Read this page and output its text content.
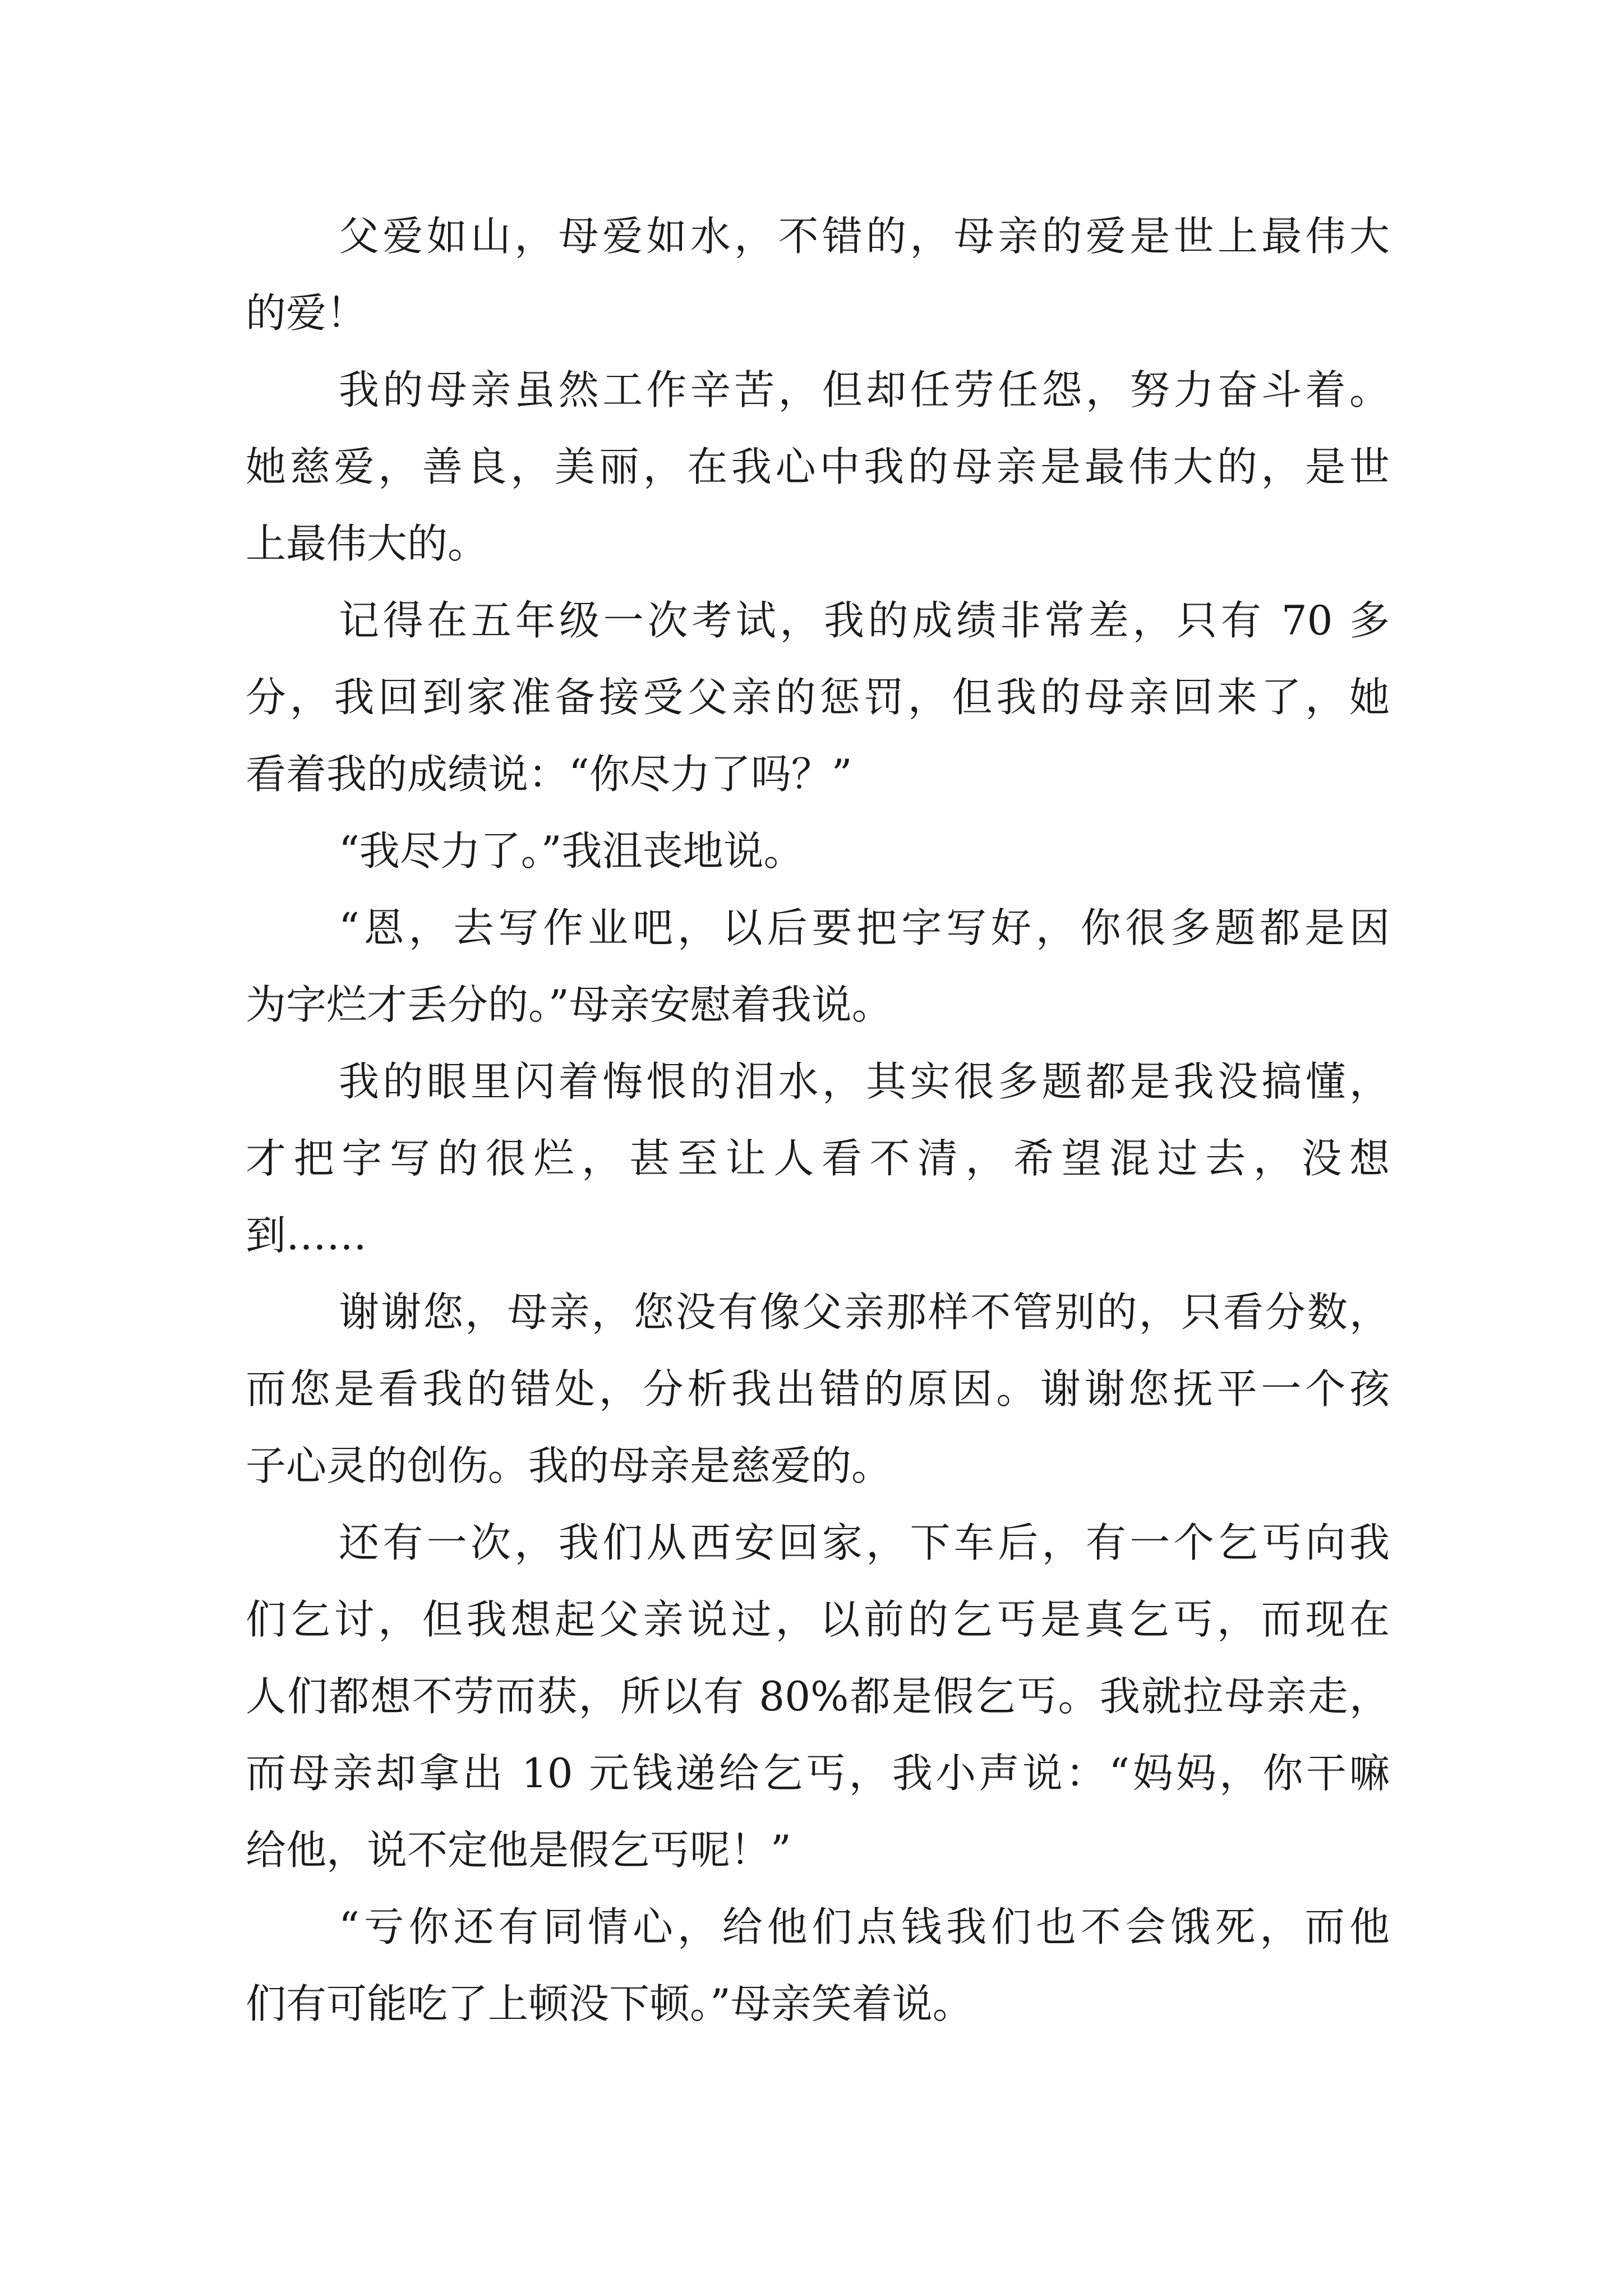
父爱如山，母爱如水，不错的，母亲的爱是世上最伟大
的爱！
我的母亲虽然工作辛苦，但却任劳任怨，努力奋斗着。
她慈爱，善良，美丽，在我心中我的母亲是最伟大的，是世
上最伟大的。
记得在五年级一次考试，我的成绩非常差，只有 70 多
分，我回到家准备接受父亲的惩罚，但我的母亲回来了，她
看着我的成绩说：“你尽力了吗？”
“我尽力了。”我沮丧地说。
“恩，去写作业吧，以后要把字写好，你很多题都是因
为字烂才丢分的。”母亲安慰着我说。
我的眼里闪着悔恨的泪水，其实很多题都是我没搞懂，
才把字写的很烂，甚至让人看不清，希望混过去，没想
到……
谢谢您，母亲，您没有像父亲那样不管别的，只看分数，
而您是看我的错处，分析我出错的原因。谢谢您抚平一个孩
子心灵的创伤。我的母亲是慈爱的。
还有一次，我们从西安回家，下车后，有一个乞丐向我
们乞讨，但我想起父亲说过，以前的乞丐是真乞丐，而现在
人们都想不劳而获，所以有 80%都是假乞丐。我就拉母亲走，
而母亲却拿出 10 元钱递给乞丐，我小声说：“妈妈，你干嘛
给他，说不定他是假乞丐呢！”
“亏你还有同情心，给他们点钱我们也不会饿死，而他
们有可能吃了上顿没下顿。”母亲笑着说。
